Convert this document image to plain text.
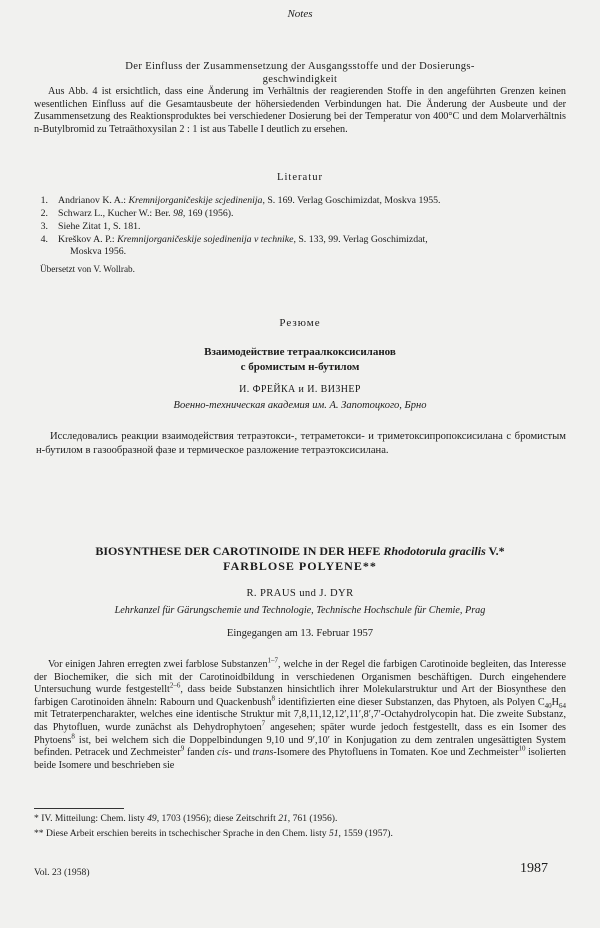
Notes
Der Einfluss der Zusammensetzung der Ausgangsstoffe und der Dosierungs-
geschwindigkeit

Aus Abb. 4 ist ersichtlich, dass eine Änderung im Verhältnis der reagierenden Stoffe in den angeführten Grenzen keinen wesentlichen Einfluss auf die Gesamtausbeute der höhersiedenden Verbindungen hat. Die Änderung der Ausbeute und der Zusammensetzung des Reaktionsproduktes bei verschiedener Dosierung bei der Temperatur von 400°C und dem Molarverhältnis n-Butylbromid zu Tetraäthoxysilan 2 : 1 ist aus Tabelle I deutlich zu ersehen.

Literatur
1. Andrianov K. A.: Kremnijorganičeskije scjedinenija, S. 169. Verlag Goschimizdat, Moskva 1955.
2. Schwarz L., Kucher W.: Ber. 98, 169 (1956).
3. Siehe Zitat 1, S. 181.
4. Kreškov A. P.: Kremnijorganičeskije sojedinenija v technike, S. 133, 99. Verlag Goschimizdat,
Moskva 1956.
Übersetzt von V. Wollrab.
Резюме
Взаимодействие тетраалкоксисиланов
с бромистым н-бутилом
И. ФРЕЙКА и И. ВИЗНЕР
Военно-техническая академия им. А. Запотоцкого, Брно

Исследовались реакции взаимодействия тетраэтокси-, тетраметокси- и триметоксипропоксисилана с бромистым н-бутилом в газообразной фазе и термическое разложение тетраэтоксисилана.

BIOSYNTHESE DER CAROTINOIDE IN DER HEFE Rhodotorula gracilis V.*
FARBLOSE POLYENE**
R. PRAUS und J. DYR
Lehrkanzel für Gärungschemie und Technologie, Technische Hochschule für Chemie, Prag
Eingegangen am 13. Februar 1957

Vor einigen Jahren erregten zwei farblose Substanzen$^{1-7}$, welche in der Regel die farbigen Carotinoide begleiten, das Interesse der Biochemiker, die sich mit der Carotinoidbildung in verschiedenen Organismen beschäftigen. Durch eingehendere Untersuchung wurde festgestellt$^{2-6}$, dass beide Substanzen hinsichtlich ihrer Molekularstruktur und Art der Biosynthese den farbigen Carotinoiden ähneln: Rabourn und Quackenbush$^8$ identifizierten eine dieser Substanzen, das Phytoen, als Polyen $C_{40}H_{64}$ mit Tetraterpencharakter, welches eine identische Struktur mit 7,8,11,12,12′,11′,8′,7′-Octahydrolycopin hat. Die zweite Substanz, das Phytofluen, wurde zunächst als Dehydrophytoen$^7$ angesehen; später wurde jedoch festgestellt, dass es ein Isomer des Phytoens$^8$ ist, bei welchem sich die Doppelbindungen 9,10 und 9′,10′ in Konjugation zu dem zentralen ungesättigten System befinden. Petracek und Zechmeister$^9$ fanden cis- und trans-Isomere des Phytofluens in Tomaten. Koe und Zechmeister$^{10}$ isolierten beide Isomere und beschrieben sie

* IV. Mitteilung: Chem. listy 49, 1703 (1956); diese Zeitschrift 21, 761 (1956).
** Diese Arbeit erschien bereits in tschechischer Sprache in den Chem. listy 51, 1559 (1957).
Vol. 23 (1958)	1987
